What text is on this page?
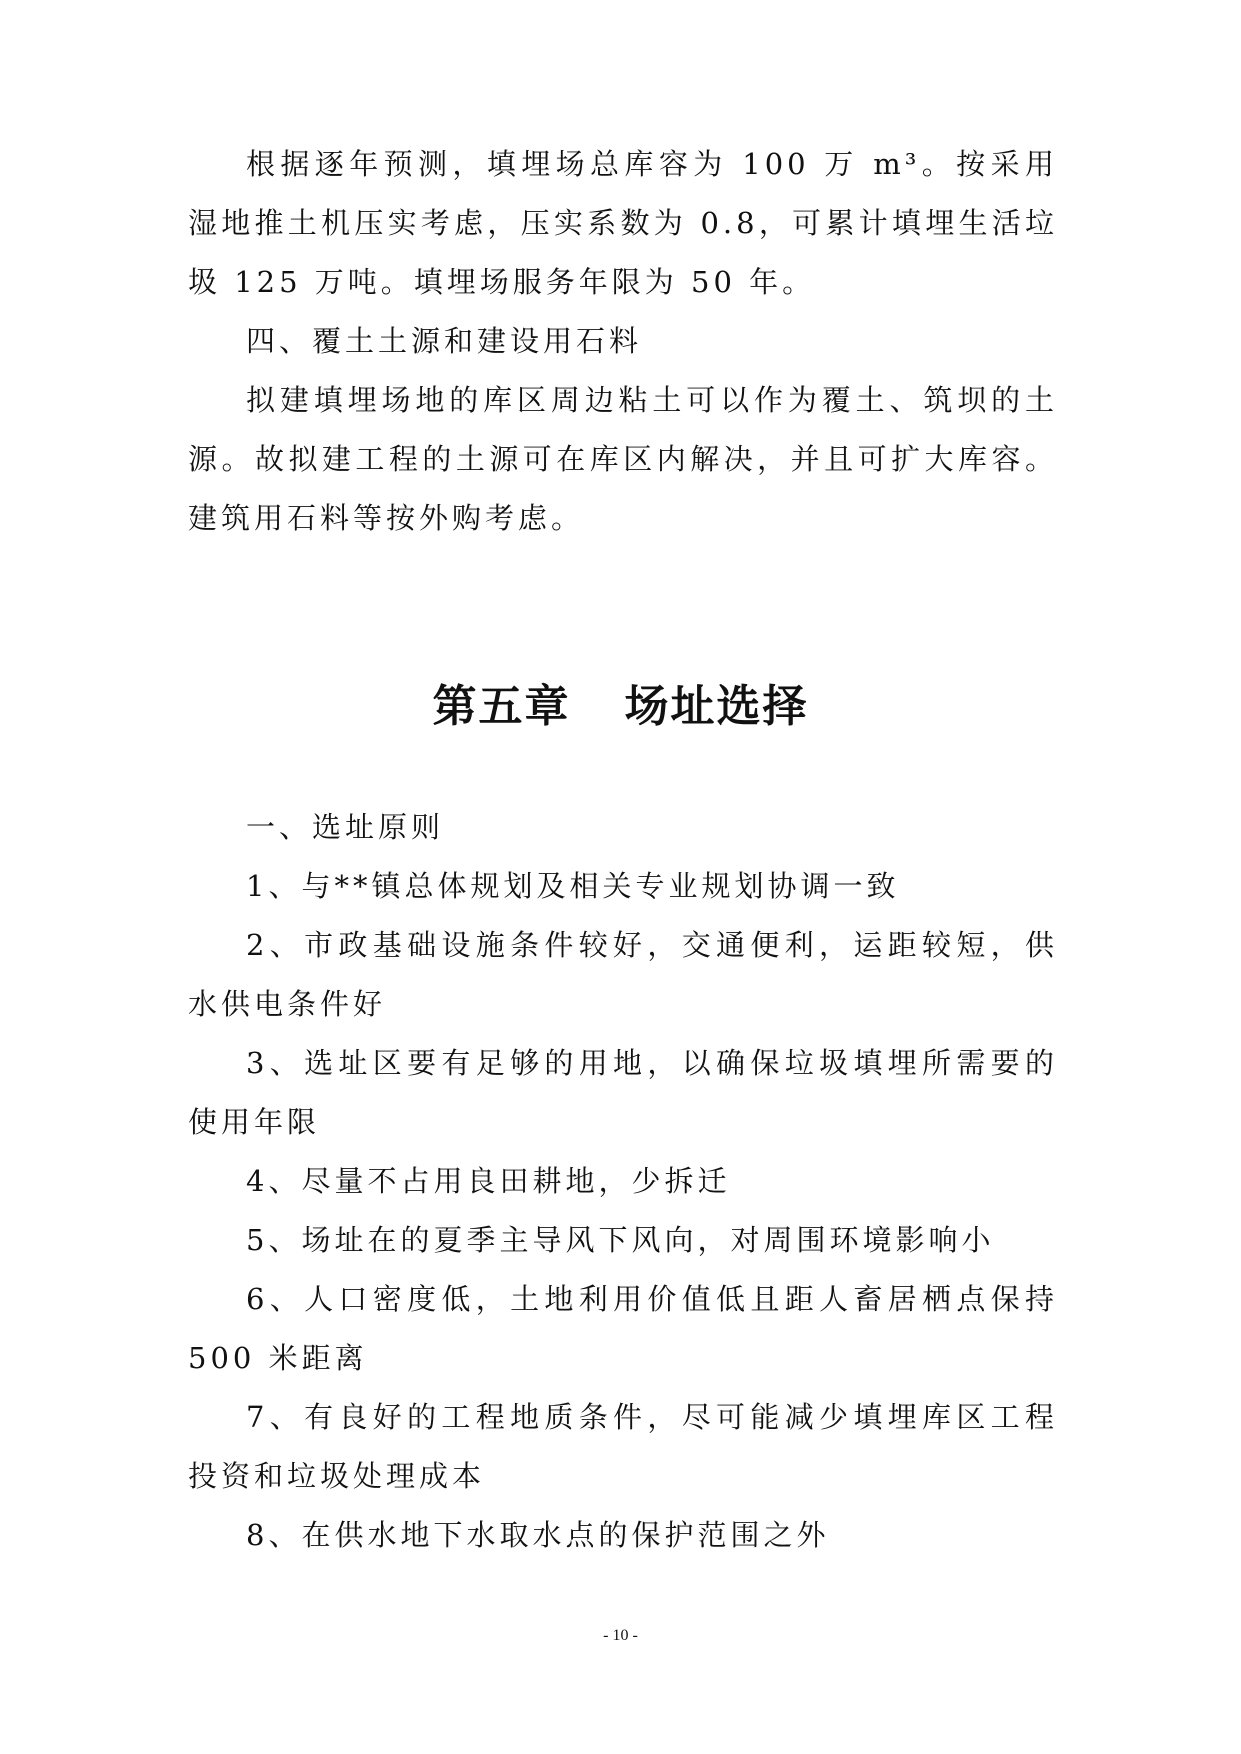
根据逐年预测，填埋场总库容为 100 万 m³。按采用湿地推土机压实考虑，压实系数为 0.8，可累计填埋生活垃圾 125 万吨。填埋场服务年限为 50 年。

四、覆土土源和建设用石料

拟建填埋场地的库区周边粘土可以作为覆土、筑坝的土源。故拟建工程的土源可在库区内解决，并且可扩大库容。建筑用石料等按外购考虑。

第五章 场址选择

一、选址原则

1、与**镇总体规划及相关专业规划协调一致

2、市政基础设施条件较好，交通便利，运距较短，供水供电条件好

3、选址区要有足够的用地，以确保垃圾填埋所需要的使用年限

4、尽量不占用良田耕地，少拆迁

5、场址在的夏季主导风下风向，对周围环境影响小

6、人口密度低，土地利用价值低且距人畜居栖点保持 500 米距离

7、有良好的工程地质条件，尽可能减少填埋库区工程投资和垃圾处理成本

8、在供水地下水取水点的保护范围之外

- 10 -
